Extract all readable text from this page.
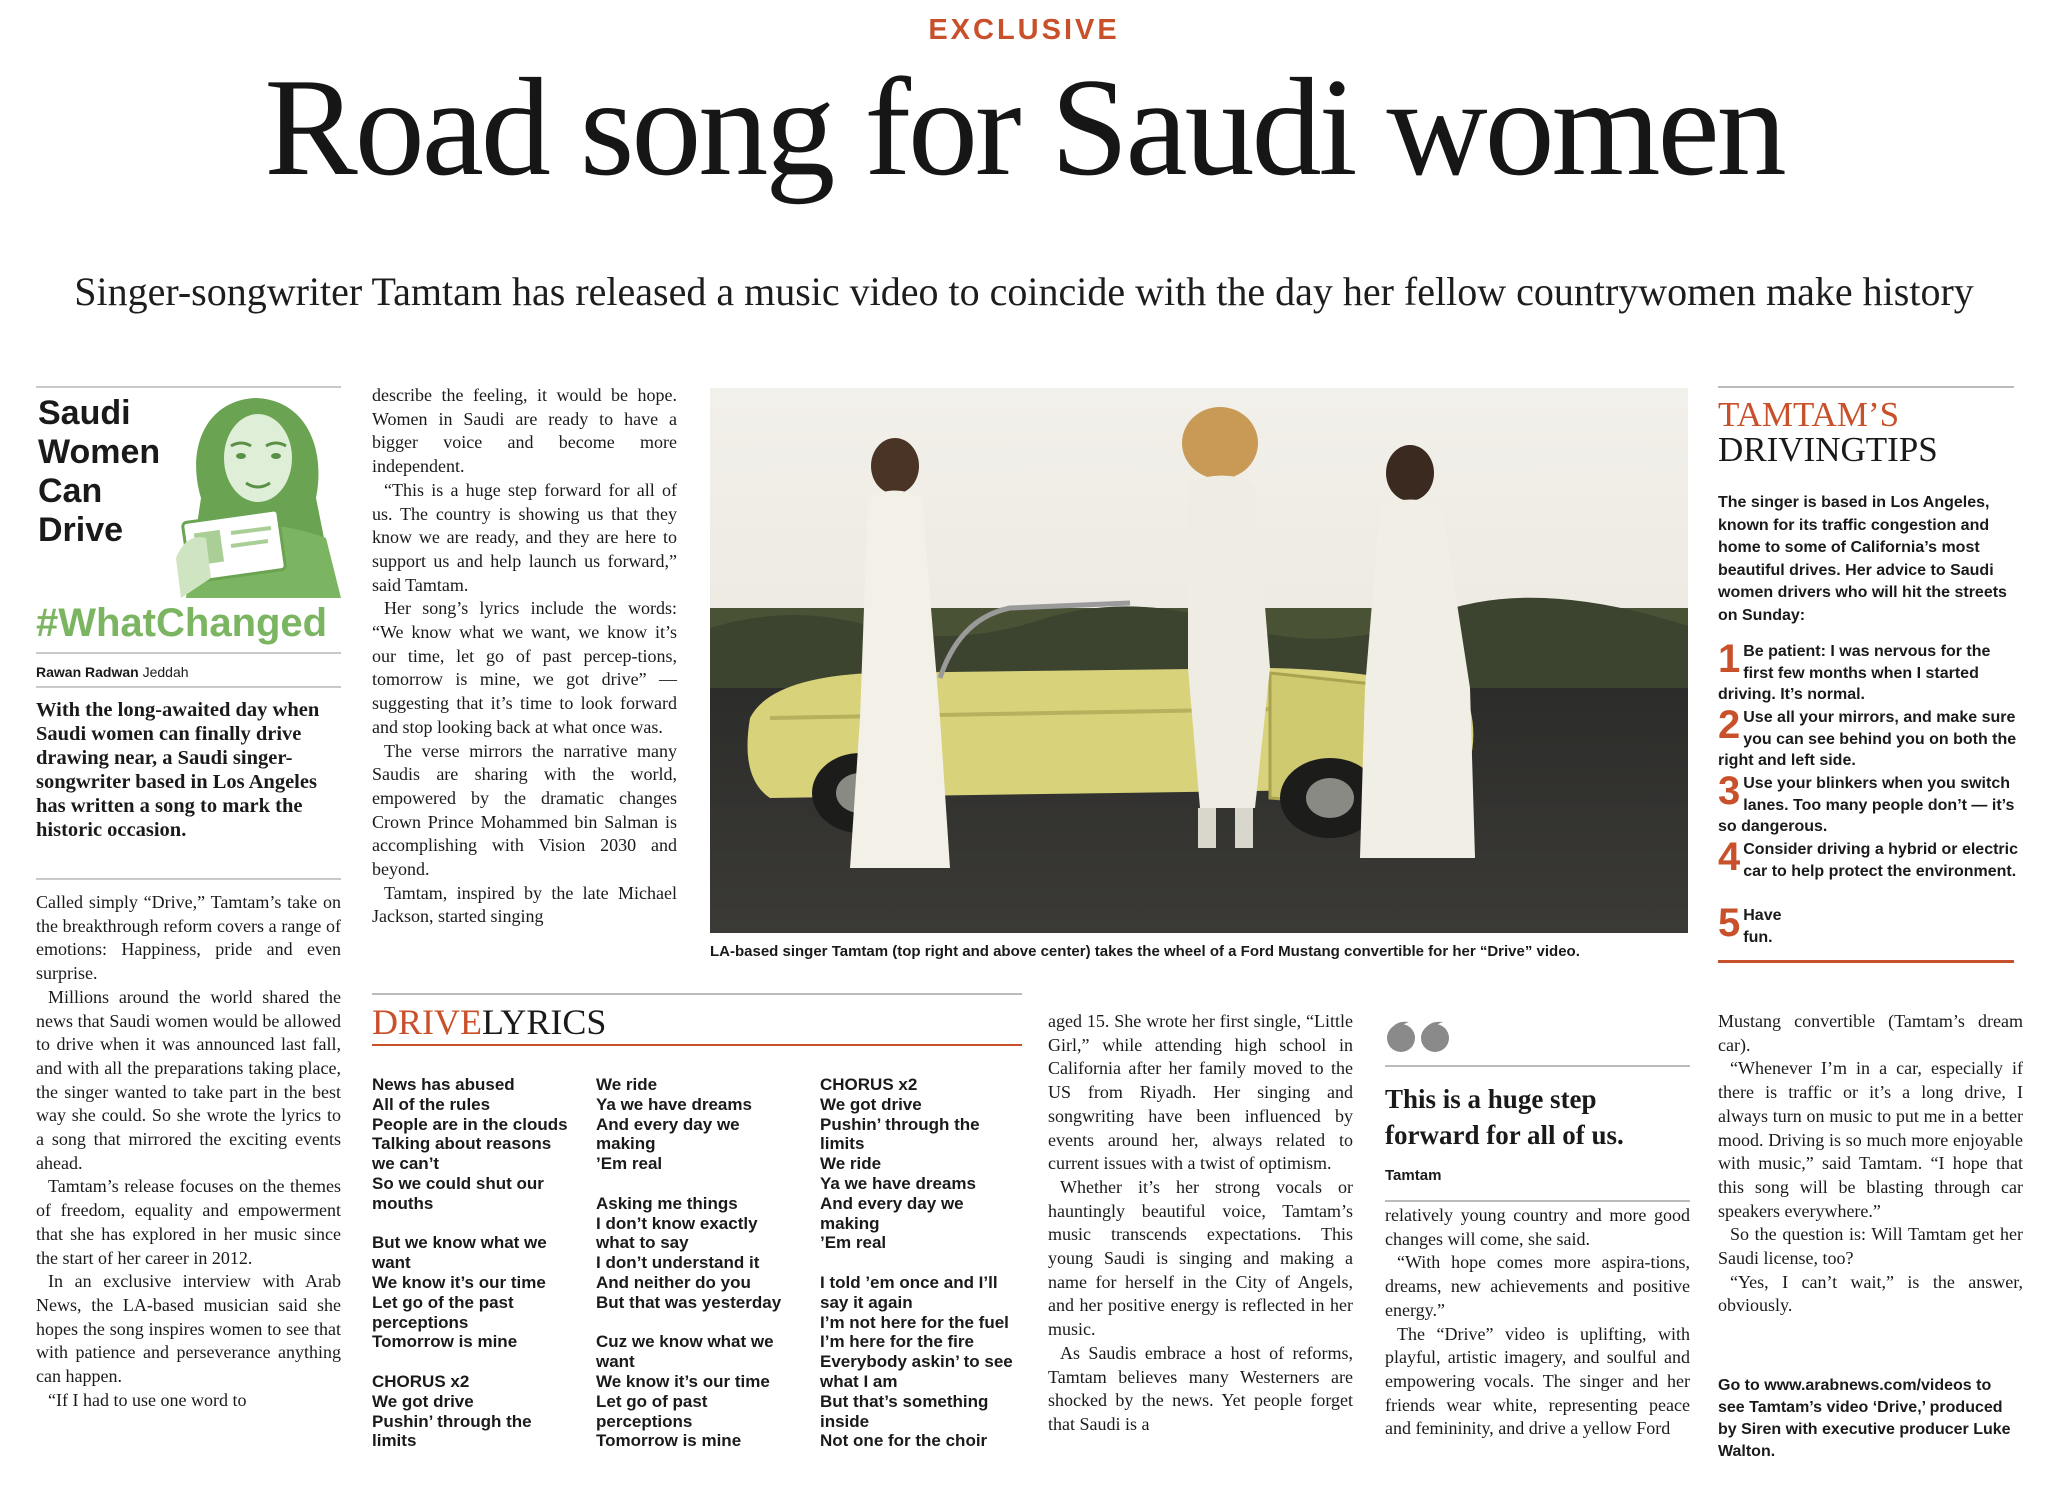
EXCLUSIVE
Road song for Saudi women
Singer-songwriter Tamtam has released a music video to coincide with the day her fellow countrywomen make history
Saudi
Women
Can
Drive
#WhatChanged
Rawan Radwan Jeddah
With the long-awaited day when Saudi women can finally drive drawing near, a Saudi singer-songwriter based in Los Angeles has written a song to mark the historic occasion.

Called simply “Drive,” Tamtam’s take on the breakthrough reform covers a range of emotions: Happiness, pride and even surprise.

Millions around the world shared the news that Saudi women would be allowed to drive when it was announced last fall, and with all the preparations taking place, the singer wanted to take part in the best way she could. So she wrote the lyrics to a song that mirrored the exciting events ahead.

Tamtam’s release focuses on the themes of freedom, equality and empowerment that she has explored in her music since the start of her career in 2012.

In an exclusive interview with Arab News, the LA-based musician said she hopes the song inspires women to see that with patience and perseverance anything can happen.

“If I had to use one word to

describe the feeling, it would be hope. Women in Saudi are ready to have a bigger voice and become more independent.

“This is a huge step forward for all of us. The country is showing us that they know we are ready, and they are here to support us and help launch us forward,” said Tamtam.

Her song’s lyrics include the words: “We know what we want, we know it’s our time, let go of past percep-tions, tomorrow is mine, we got drive” — suggesting that it’s time to look forward and stop looking back at what once was.

The verse mirrors the narrative many Saudis are sharing with the world, empowered by the dramatic changes Crown Prince Mohammed bin Salman is accomplishing with Vision 2030 and beyond.

Tamtam, inspired by the late Michael Jackson, started singing

LA-based singer Tamtam (top right and above center) takes the wheel of a Ford Mustang convertible for her “Drive” video.
TAMTAM’S
DRIVINGTIPS
The singer is based in Los Angeles, known for its traffic congestion and home to some of California’s most beautiful drives. Her advice to Saudi women drivers who will hit the streets on Sunday:
1 Be patient: I was nervous for the first few months when I started driving. It’s normal.
2 Use all your mirrors, and make sure you can see behind you on both the right and left side.
3 Use your blinkers when you switch lanes. Too many people don’t — it’s so dangerous.
4 Consider driving a hybrid or electric car to help protect the environment.
5 Have fun.
DRIVELYRICS
News has abused
All of the rules
People are in the clouds
Talking about reasons we can’t
So we could shut our mouths
But we know what we want
We know it’s our time
Let go of the past perceptions
Tomorrow is mine
CHORUS x2
We got drive
Pushin’ through the limits
We ride
Ya we have dreams
And every day we making
’Em real
Asking me things
I don’t know exactly what to say
I don’t understand it
And neither do you
But that was yesterday
Cuz we know what we want
We know it’s our time
Let go of past perceptions
Tomorrow is mine
CHORUS x2
We got drive
Pushin’ through the limits
We ride
Ya we have dreams
And every day we making
’Em real
I told ’em once and I’ll say it again
I’m not here for the fuel
I’m here for the fire
Everybody askin’ to see what I am
But that’s something inside
Not one for the choir

aged 15. She wrote her first single, “Little Girl,” while attending high school in California after her family moved to the US from Riyadh. Her singing and songwriting have been influenced by events around her, always related to current issues with a twist of optimism.

Whether it’s her strong vocals or hauntingly beautiful voice, Tamtam’s music transcends expectations. This young Saudi is singing and making a name for herself in the City of Angels, and her positive energy is reflected in her music.

As Saudis embrace a host of reforms, Tamtam believes many Westerners are shocked by the news. Yet people forget that Saudi is a

This is a huge step forward for all of us.
Tamtam

relatively young country and more good changes will come, she said.

“With hope comes more aspira-tions, dreams, new achievements and positive energy.”

The “Drive” video is uplifting, with playful, artistic imagery, and soulful and empowering vocals. The singer and her friends wear white, representing peace and femininity, and drive a yellow Ford

Mustang convertible (Tamtam’s dream car).

“Whenever I’m in a car, especially if there is traffic or it’s a long drive, I always turn on music to put me in a better mood. Driving is so much more enjoyable with music,” said Tamtam. “I hope that this song will be blasting through car speakers everywhere.”

So the question is: Will Tamtam get her Saudi license, too?

“Yes, I can’t wait,” is the answer, obviously.

Go to www.arabnews.com/videos to see Tamtam’s video ‘Drive,’ produced by Siren with executive producer Luke Walton.
